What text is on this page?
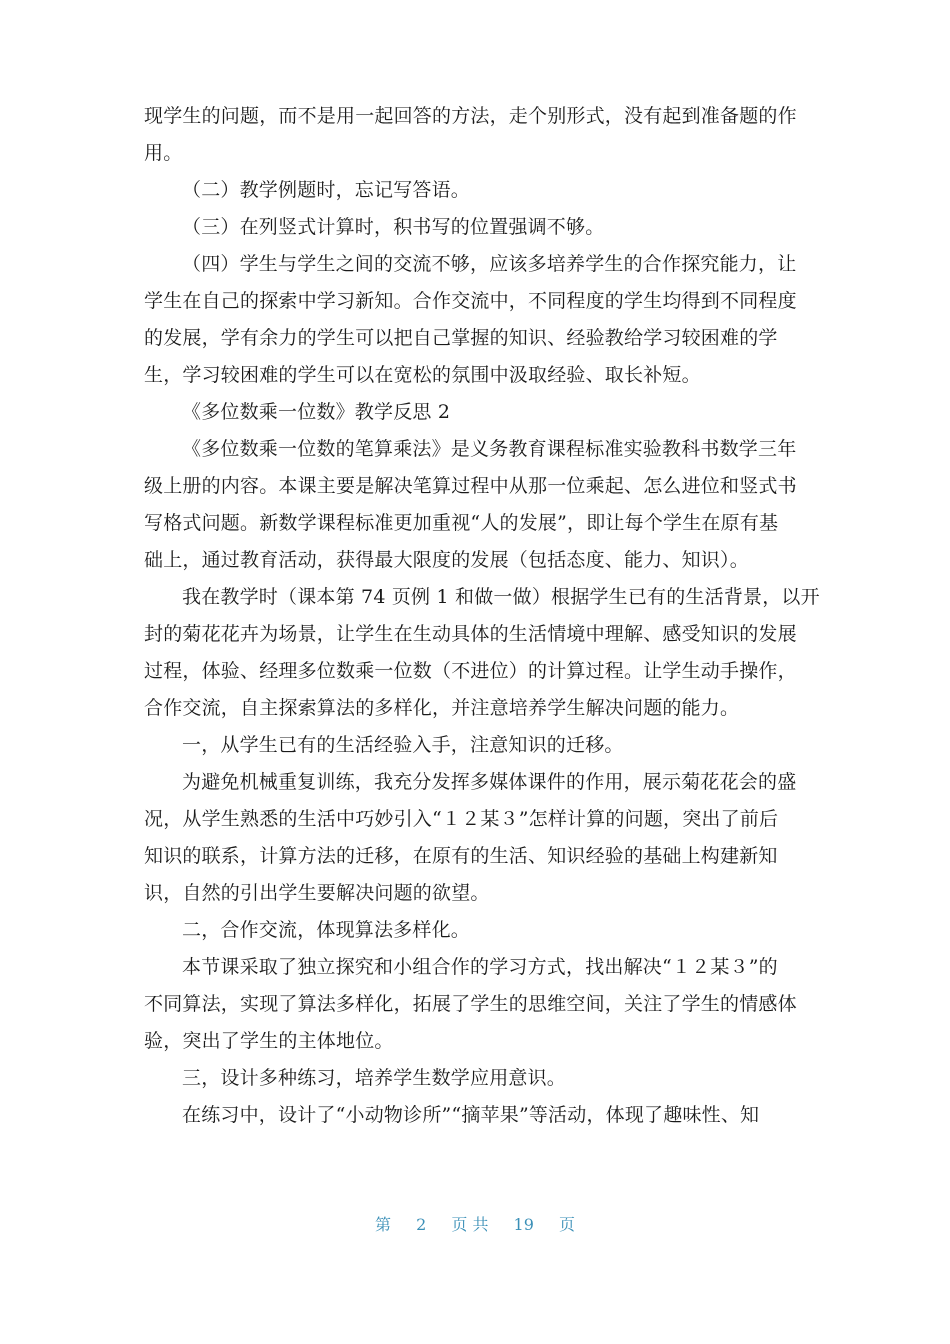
现学生的问题，而不是用一起回答的方法，走个别形式，没有起到准备题的作
用。
（二）教学例题时，忘记写答语。
（三）在列竖式计算时，积书写的位置强调不够。
（四）学生与学生之间的交流不够，应该多培养学生的合作探究能力，让
学生在自己的探索中学习新知。合作交流中，不同程度的学生均得到不同程度
的发展，学有余力的学生可以把自己掌握的知识、经验教给学习较困难的学
生，学习较困难的学生可以在宽松的氛围中汲取经验、取长补短。
《多位数乘一位数》教学反思 2
《多位数乘一位数的笔算乘法》是义务教育课程标准实验教科书数学三年
级上册的内容。本课主要是解决笔算过程中从那一位乘起、怎么进位和竖式书
写格式问题。新数学课程标准更加重视“人的发展”，即让每个学生在原有基
础上，通过教育活动，获得最大限度的发展（包括态度、能力、知识）。
我在教学时（课本第 74 页例 1 和做一做）根据学生已有的生活背景，以开
封的菊花花卉为场景，让学生在生动具体的生活情境中理解、感受知识的发展
过程，体验、经理多位数乘一位数（不进位）的计算过程。让学生动手操作，
合作交流，自主探索算法的多样化，并注意培养学生解决问题的能力。
一，从学生已有的生活经验入手，注意知识的迁移。
为避免机械重复训练，我充分发挥多媒体课件的作用，展示菊花花会的盛
况，从学生熟悉的生活中巧妙引入“１２某３”怎样计算的问题，突出了前后
知识的联系，计算方法的迁移，在原有的生活、知识经验的基础上构建新知
识，自然的引出学生要解决问题的欲望。
二，合作交流，体现算法多样化。
本节课采取了独立探究和小组合作的学习方式，找出解决“１２某３”的
不同算法，实现了算法多样化，拓展了学生的思维空间，关注了学生的情感体
验，突出了学生的主体地位。
三，设计多种练习，培养学生数学应用意识。
在练习中，设计了“小动物诊所”“摘苹果”等活动，体现了趣味性、知
第 2 页 共 19 页
